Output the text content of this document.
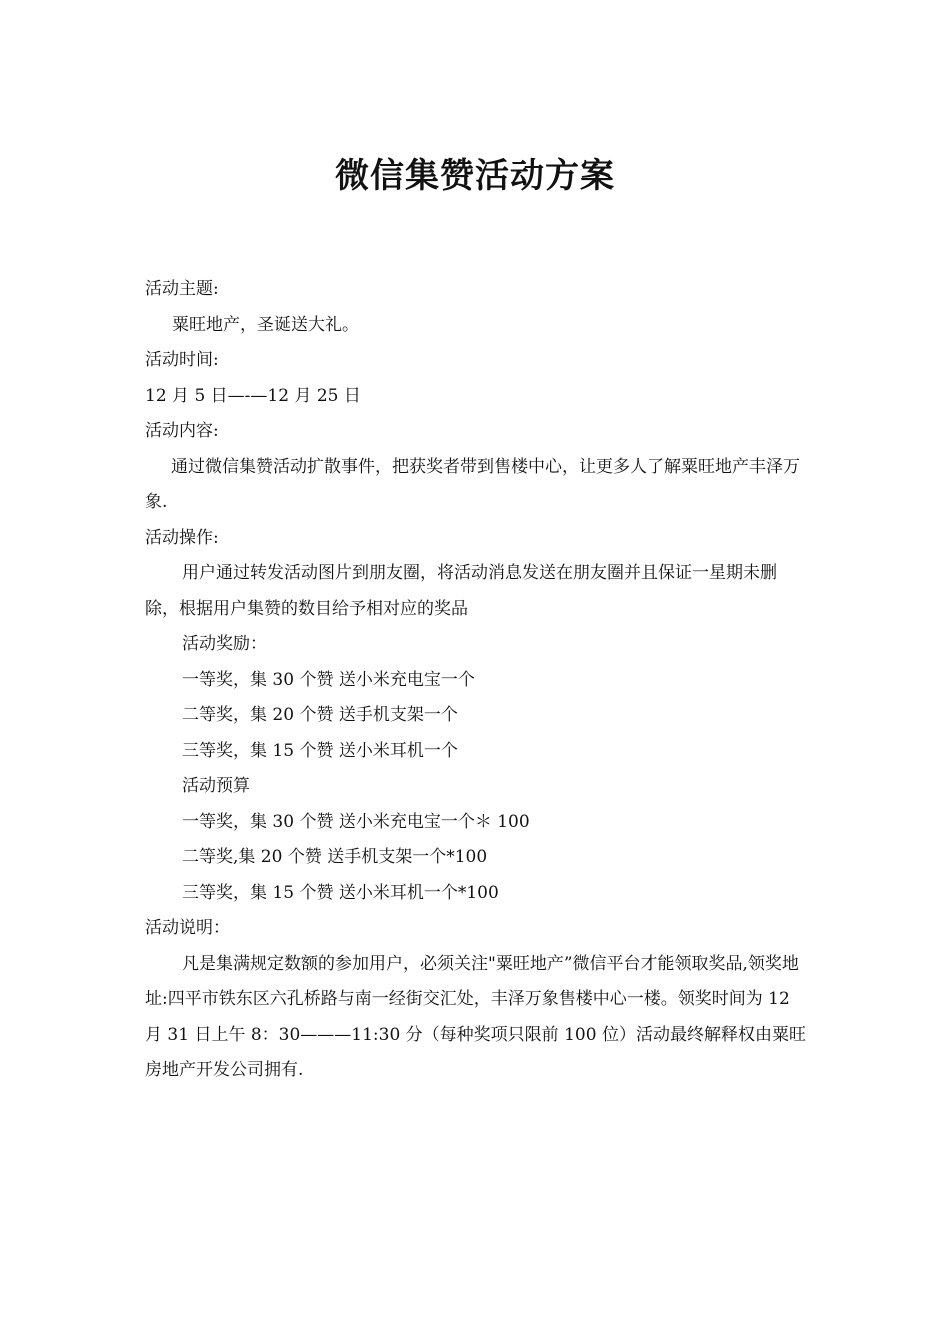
微信集赞活动方案

活动主题:

粟旺地产，圣诞送大礼。

活动时间:

12 月 5 日—-—12 月 25 日

活动内容:

通过微信集赞活动扩散事件，把获奖者带到售楼中心，让更多人了解粟旺地产丰泽万象.

活动操作:

用户通过转发活动图片到朋友圈，将活动消息发送在朋友圈并且保证一星期未删除，根据用户集赞的数目给予相对应的奖品

活动奖励：

一等奖，集 30 个赞 送小米充电宝一个

二等奖，集 20 个赞 送手机支架一个

三等奖，集 15 个赞 送小米耳机一个

活动预算

一等奖，集 30 个赞 送小米充电宝一个＊ 100

二等奖,集 20 个赞 送手机支架一个*100

三等奖，集 15 个赞 送小米耳机一个*100

活动说明：

凡是集满规定数额的参加用户，必须关注"粟旺地产”微信平台才能领取奖品,领奖地址:四平市铁东区六孔桥路与南一经街交汇处，丰泽万象售楼中心一楼。领奖时间为 12 月 31 日上午 8：30———11:30 分（每种奖项只限前 100 位）活动最终解释权由粟旺房地产开发公司拥有.
